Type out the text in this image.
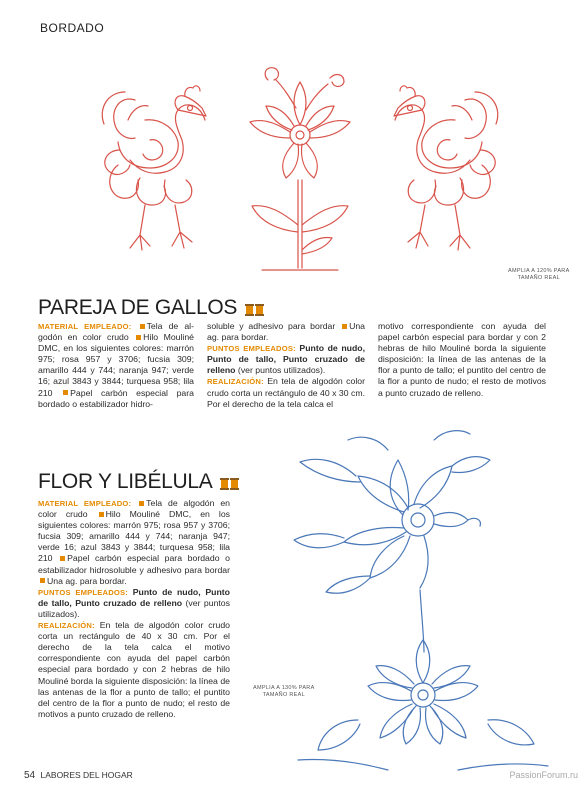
BORDADO
AMPLIA A 120% PARA
TAMAÑO REAL
PAREJA DE GALLOS
MATERIAL EMPLEADO: Tela de al-godón en color crudo Hilo Mouliné DMC, en los siguientes colores: marrón 975; rosa 957 y 3706; fucsia 309; amarillo 444 y 744; naranja 947; verde 16; azul 3843 y 3844; turquesa 958; lila 210 Papel carbón especial para bordado o estabilizador hidro-
soluble y adhesivo para bordar Una ag. para bordar.
PUNTOS EMPLEADOS: Punto de nudo, Punto de tallo, Punto cruzado de relleno (ver puntos utilizados).
REALIZACIÓN: En tela de algodón color crudo corta un rectángulo de 40 x 30 cm. Por el derecho de la tela calca el
motivo correspondiente con ayuda del papel carbón especial para bordar y con 2 hebras de hilo Mouliné borda la siguiente disposición: la línea de las antenas de la flor a punto de tallo; el puntito del centro de la flor a punto de nudo; el resto de motivos a punto cruzado de relleno.
FLOR Y LIBÉLULA
MATERIAL EMPLEADO: Tela de algodón en color crudo Hilo Mouliné DMC, en los siguientes colores: marrón 975; rosa 957 y 3706; fucsia 309; amarillo 444 y 744; naranja 947; verde 16; azul 3843 y 3844; turquesa 958; lila 210 Papel carbón especial para bordado o estabilizador hidrosoluble y adhesivo para bordar Una ag. para bordar.
PUNTOS EMPLEADOS: Punto de nudo, Punto de tallo, Punto cruzado de relleno (ver puntos utilizados).
REALIZACIÓN: En tela de algodón color crudo corta un rectángulo de 40 x 30 cm. Por el derecho de la tela calca el motivo correspondiente con ayuda del papel carbón especial para bordado y con 2 hebras de hilo Mouliné borda la siguiente disposición: la línea de las antenas de la flor a punto de tallo; el puntito del centro de la flor a punto de nudo; el resto de motivos a punto cruzado de relleno.
AMPLIA A 130% PARA
TAMAÑO REAL
54 LABORES DEL HOGAR	PassionForum.ru
